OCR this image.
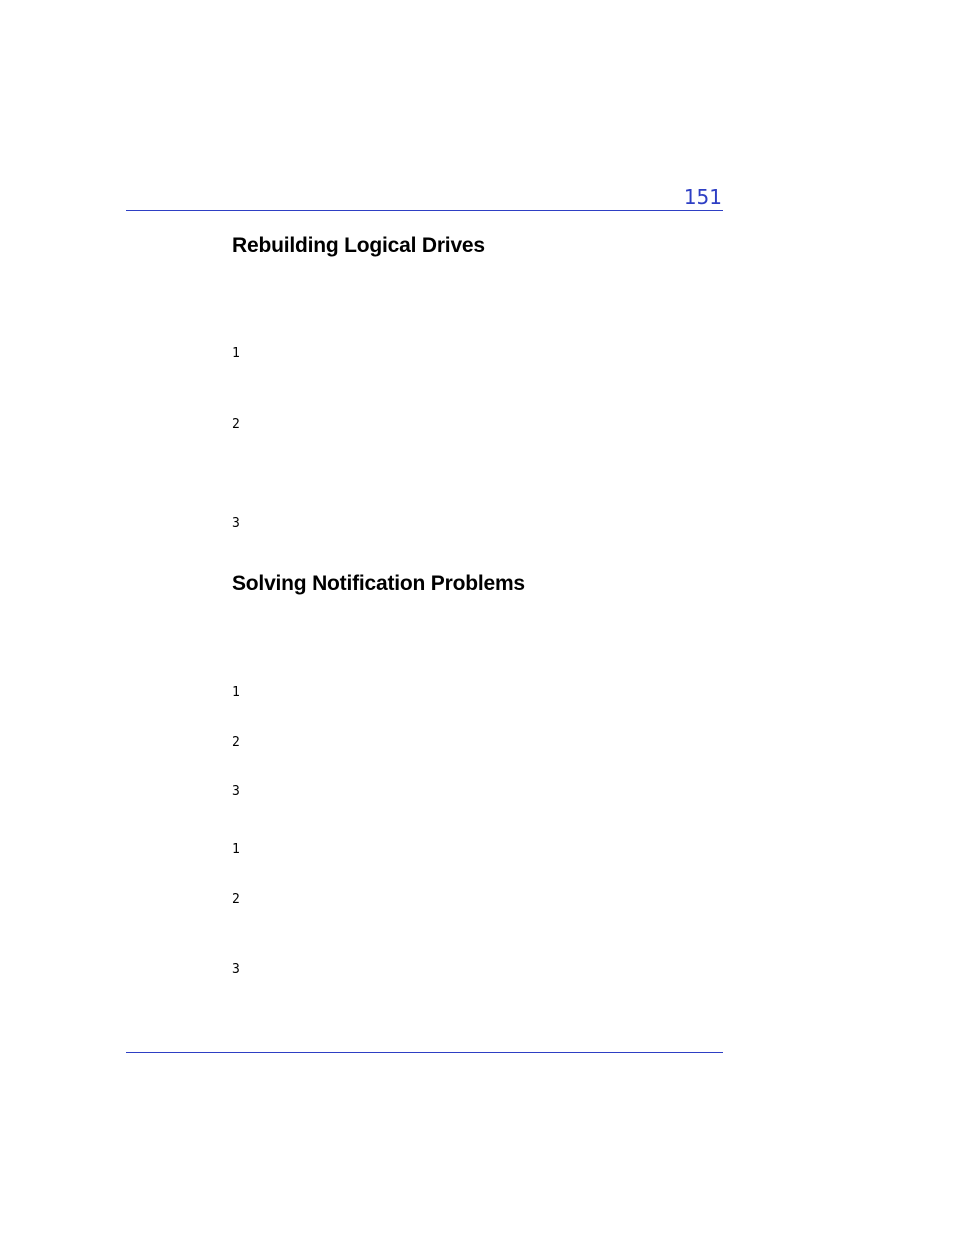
151
Rebuilding Logical Drives
1
2
3
Solving Notification Problems
1
2
3
1
2
3
